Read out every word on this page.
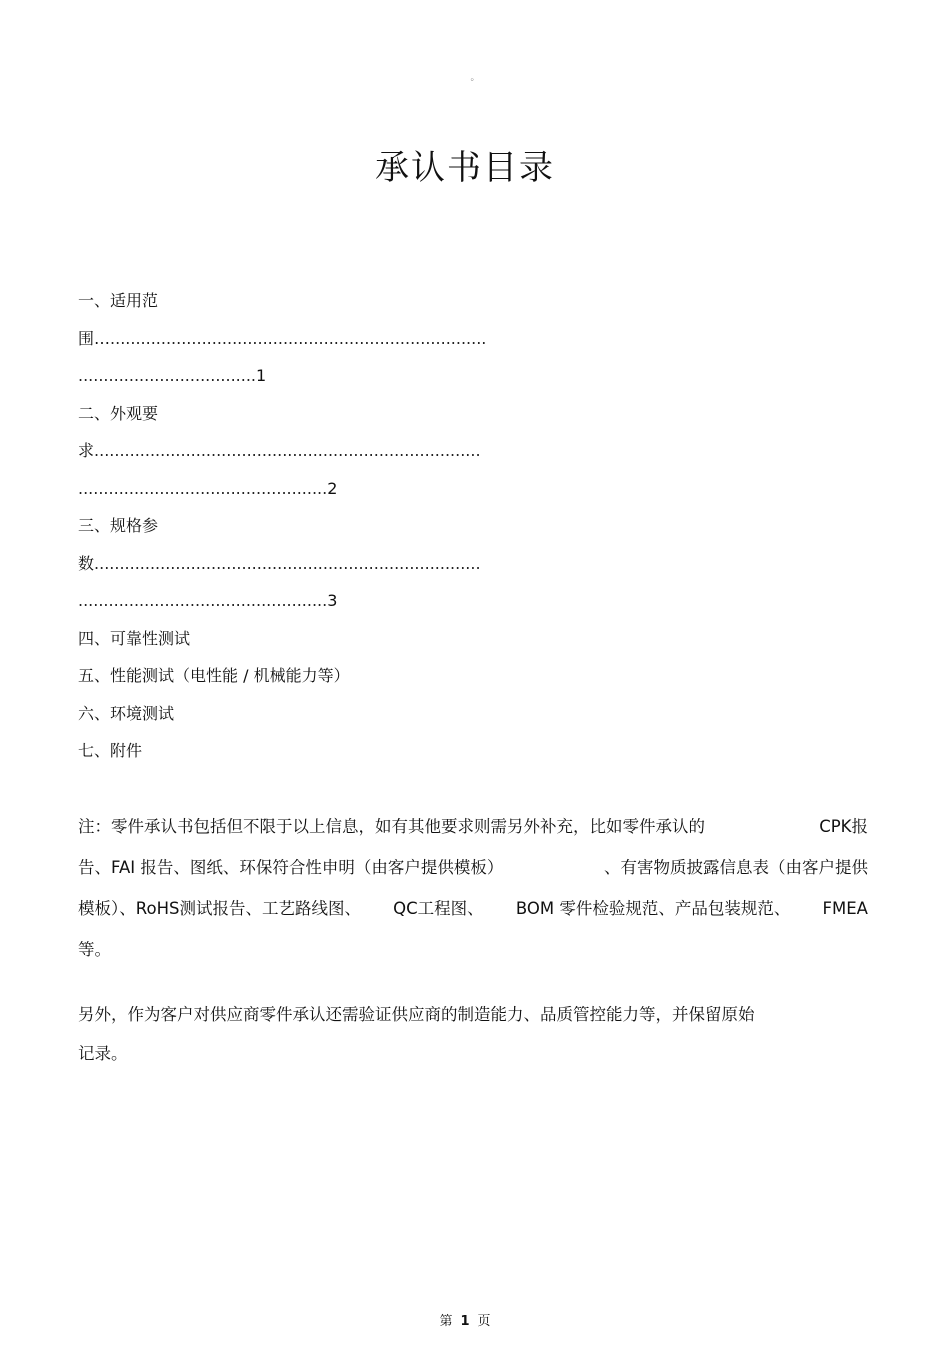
。
承认书目录
一、适用范
围…..........................................................................
...................................1
二、外观要
求............................................................................
.................................................2
三、规格参
数............................................................................
.................................................3
四、可靠性测试
五、性能测试（电性能 / 机械能力等）
六、环境测试
七、附件
注：零件承认书包括但不限于以上信息，如有其他要求则需另外补充，比如零件承认的	CPK报
告、FAI 报告、图纸、环保符合性申明（由客户提供模板）	、有害物质披露信息表（由客户提供
模板）、RoHS测试报告、工艺路线图、 QC工程图、 BOM 零件检验规范、产品包装规范、 FMEA
等。
另外，作为客户对供应商零件承认还需验证供应商的制造能力、品质管控能力等，并保留原始
记录。
第 1 页
